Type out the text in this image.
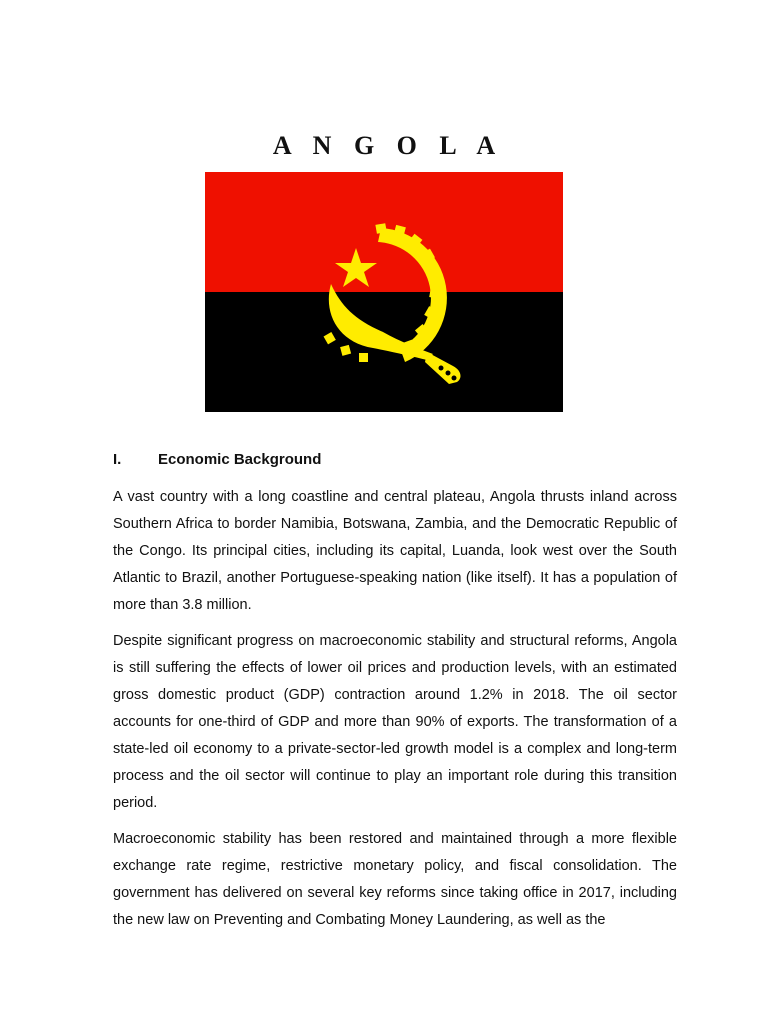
A N G O L A
I. Economic Background

A vast country with a long coastline and central plateau, Angola thrusts inland across Southern Africa to border Namibia, Botswana, Zambia, and the Democratic Republic of the Congo. Its principal cities, including its capital, Luanda, look west over the South Atlantic to Brazil, another Portuguese-speaking nation (like itself). It has a population of more than 3.8 million.

Despite significant progress on macroeconomic stability and structural reforms, Angola is still suffering the effects of lower oil prices and production levels, with an estimated gross domestic product (GDP) contraction around 1.2% in 2018. The oil sector accounts for one-third of GDP and more than 90% of exports. The transformation of a state-led oil economy to a private-sector-led growth model is a complex and long-term process and the oil sector will continue to play an important role during this transition period.

Macroeconomic stability has been restored and maintained through a more flexible exchange rate regime, restrictive monetary policy, and fiscal consolidation. The government has delivered on several key reforms since taking office in 2017, including the new law on Preventing and Combating Money Laundering, as well as the
